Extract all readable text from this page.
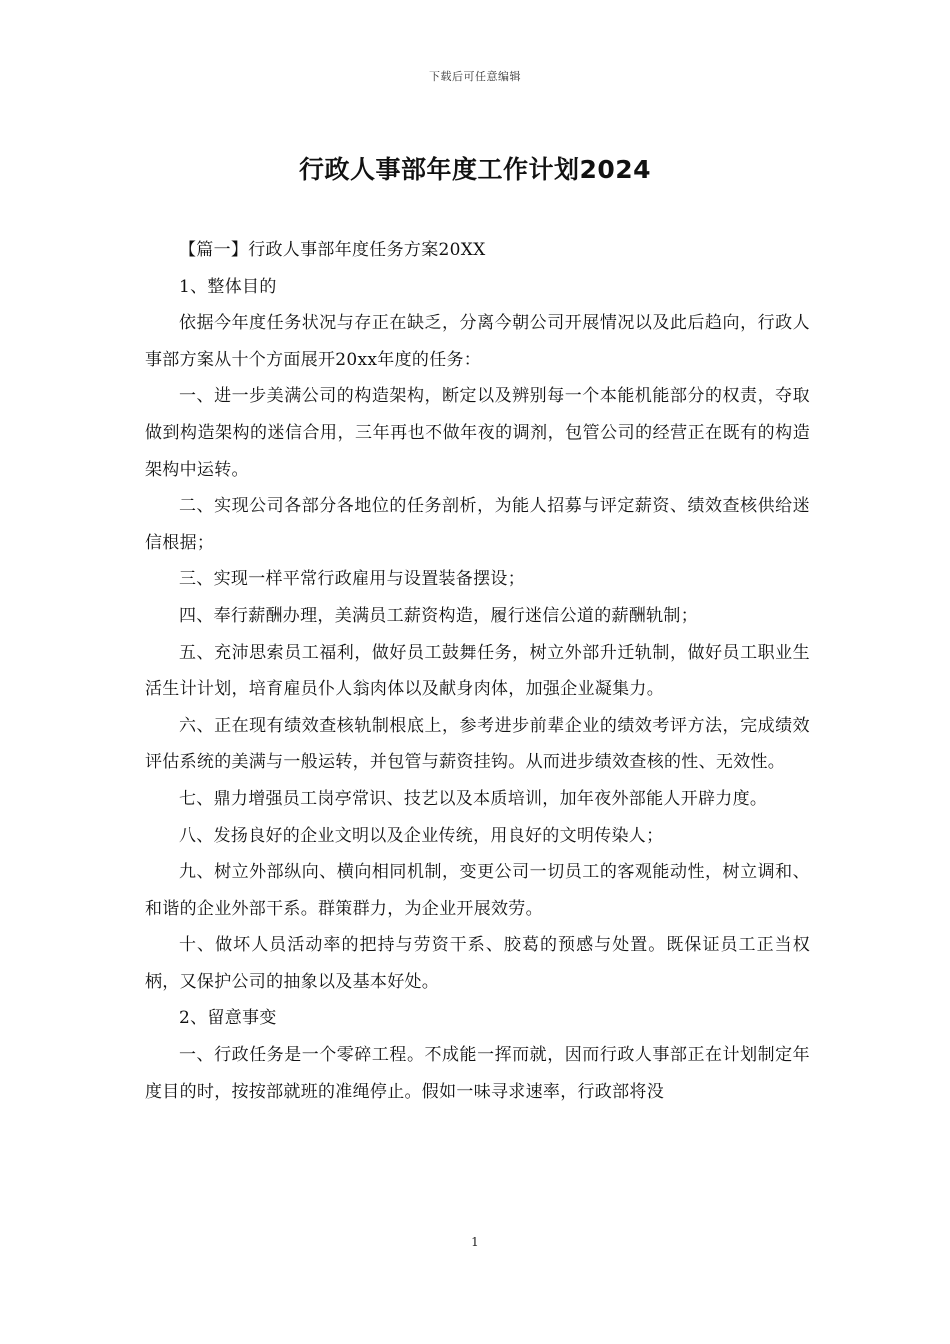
下载后可任意编辑
行政人事部年度工作计划2024

【篇一】行政人事部年度任务方案20XX

1、整体目的

依据今年度任务状况与存正在缺乏，分离今朝公司开展情况以及此后趋向，行政人事部方案从十个方面展开20xx年度的任务：

一、进一步美满公司的构造架构，断定以及辨别每一个本能机能部分的权责，夺取做到构造架构的迷信合用，三年再也不做年夜的调剂，包管公司的经营正在既有的构造架构中运转。

二、实现公司各部分各地位的任务剖析，为能人招募与评定薪资、绩效查核供给迷信根据；

三、实现一样平常行政雇用与设置装备摆设；

四、奉行薪酬办理，美满员工薪资构造，履行迷信公道的薪酬轨制；

五、充沛思索员工福利，做好员工鼓舞任务，树立外部升迁轨制，做好员工职业生活生计计划，培育雇员仆人翁肉体以及献身肉体，加强企业凝集力。

六、正在现有绩效查核轨制根底上，参考进步前辈企业的绩效考评方法，完成绩效评估系统的美满与一般运转，并包管与薪资挂钩。从而进步绩效查核的性、无效性。

七、鼎力增强员工岗亭常识、技艺以及本质培训，加年夜外部能人开辟力度。

八、发扬良好的企业文明以及企业传统，用良好的文明传染人；

九、树立外部纵向、横向相同机制，变更公司一切员工的客观能动性，树立调和、和谐的企业外部干系。群策群力，为企业开展效劳。

十、做坏人员活动率的把持与劳资干系、胶葛的预感与处置。既保证员工正当权柄，又保护公司的抽象以及基本好处。

2、留意事变

一、行政任务是一个零碎工程。不成能一挥而就，因而行政人事部正在计划制定年度目的时，按按部就班的准绳停止。假如一味寻求速率，行政部将没

1
